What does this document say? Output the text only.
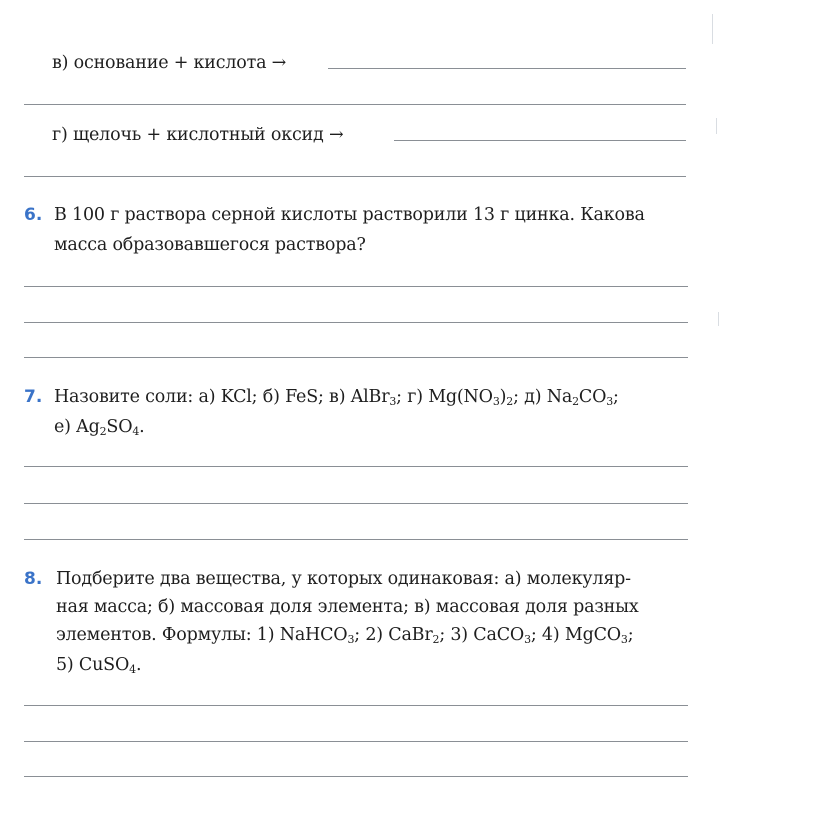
в) основание + кислота →
г) щелочь + кислотный оксид →
6. В 100 г раствора серной кислоты растворили 13 г цинка. Какова
масса образовавшегося раствора?
7. Назовите соли: а) KCl; б) FeS; в) AlBr$_3$; г) $Mg(NO_3)_2$; д) $Na_2CO_3$;
е) $Ag_2SO_4$.
8. Подберите два вещества, у которых одинаковая: а) молекуляр-
ная масса; б) массовая доля элемента; в) массовая доля разных
элементов. Формулы: 1) NaHCO$_3$; 2) CaBr$_2$; 3) CaCO$_3$; 4) MgCO$_3$;
5) CuSO$_4$.
